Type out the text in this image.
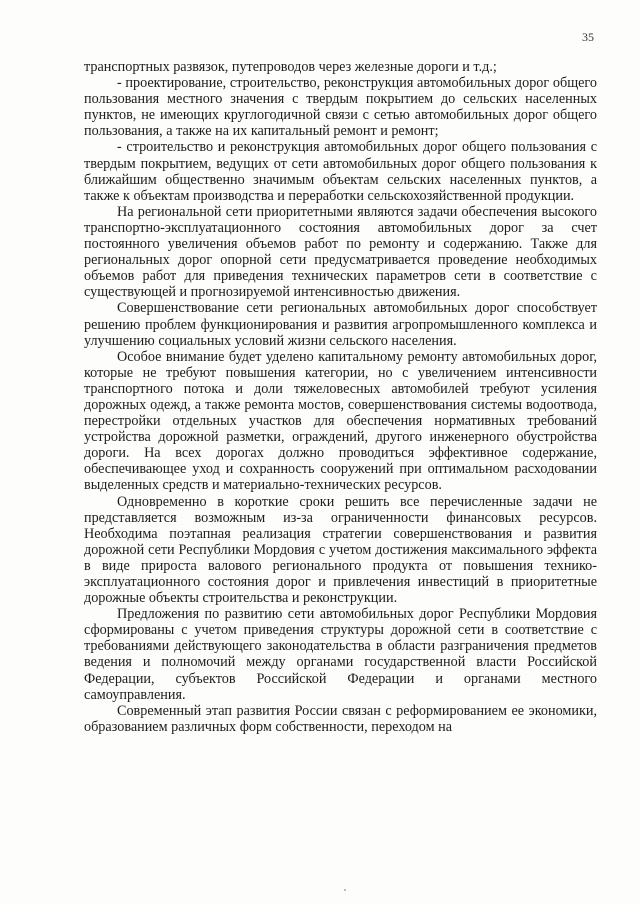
35

транспортных развязок, путепроводов через железные дороги и т.д.;

- проектирование, строительство, реконструкция автомобильных дорог общего пользования местного значения с твердым покрытием до сельских населенных пунктов, не имеющих круглогодичной связи с сетью автомобильных дорог общего пользования, а также на их капитальный ремонт и ремонт;

- строительство и реконструкция автомобильных дорог общего пользования с твердым покрытием, ведущих от сети автомобильных дорог общего пользования к ближайшим общественно значимым объектам сельских населенных пунктов, а также к объектам производства и переработки сельскохозяйственной продукции.

На региональной сети приоритетными являются задачи обеспечения высокого транспортно-эксплуатационного состояния автомобильных дорог за счет постоянного увеличения объемов работ по ремонту и содержанию. Также для региональных дорог опорной сети предусматривается проведение необходимых объемов работ для приведения технических параметров сети в соответствие с существующей и прогнозируемой интенсивностью движения.

Совершенствование сети региональных автомобильных дорог способствует решению проблем функционирования и развития агропромышленного комплекса и улучшению социальных условий жизни сельского населения.

Особое внимание будет уделено капитальному ремонту автомобильных дорог, которые не требуют повышения категории, но с увеличением интенсивности транспортного потока и доли тяжеловесных автомобилей требуют усиления дорожных одежд, а также ремонта мостов, совершенствования системы водоотвода, перестройки отдельных участков для обеспечения нормативных требований устройства дорожной разметки, ограждений, другого инженерного обустройства дороги. На всех дорогах должно проводиться эффективное содержание, обеспечивающее уход и сохранность сооружений при оптимальном расходовании выделенных средств и материально-технических ресурсов.

Одновременно в короткие сроки решить все перечисленные задачи не представляется возможным из-за ограниченности финансовых ресурсов. Необходима поэтапная реализация стратегии совершенствования и развития дорожной сети Республики Мордовия с учетом достижения максимального эффекта в виде прироста валового регионального продукта от повышения технико-эксплуатационного состояния дорог и привлечения инвестиций в приоритетные дорожные объекты строительства и реконструкции.

Предложения по развитию сети автомобильных дорог Республики Мордовия сформированы с учетом приведения структуры дорожной сети в соответствие с требованиями действующего законодательства в области разграничения предметов ведения и полномочий между органами государственной власти Российской Федерации, субъектов Российской Федерации и органами местного самоуправления.

Современный этап развития России связан с реформированием ее экономики, образованием различных форм собственности, переходом на
